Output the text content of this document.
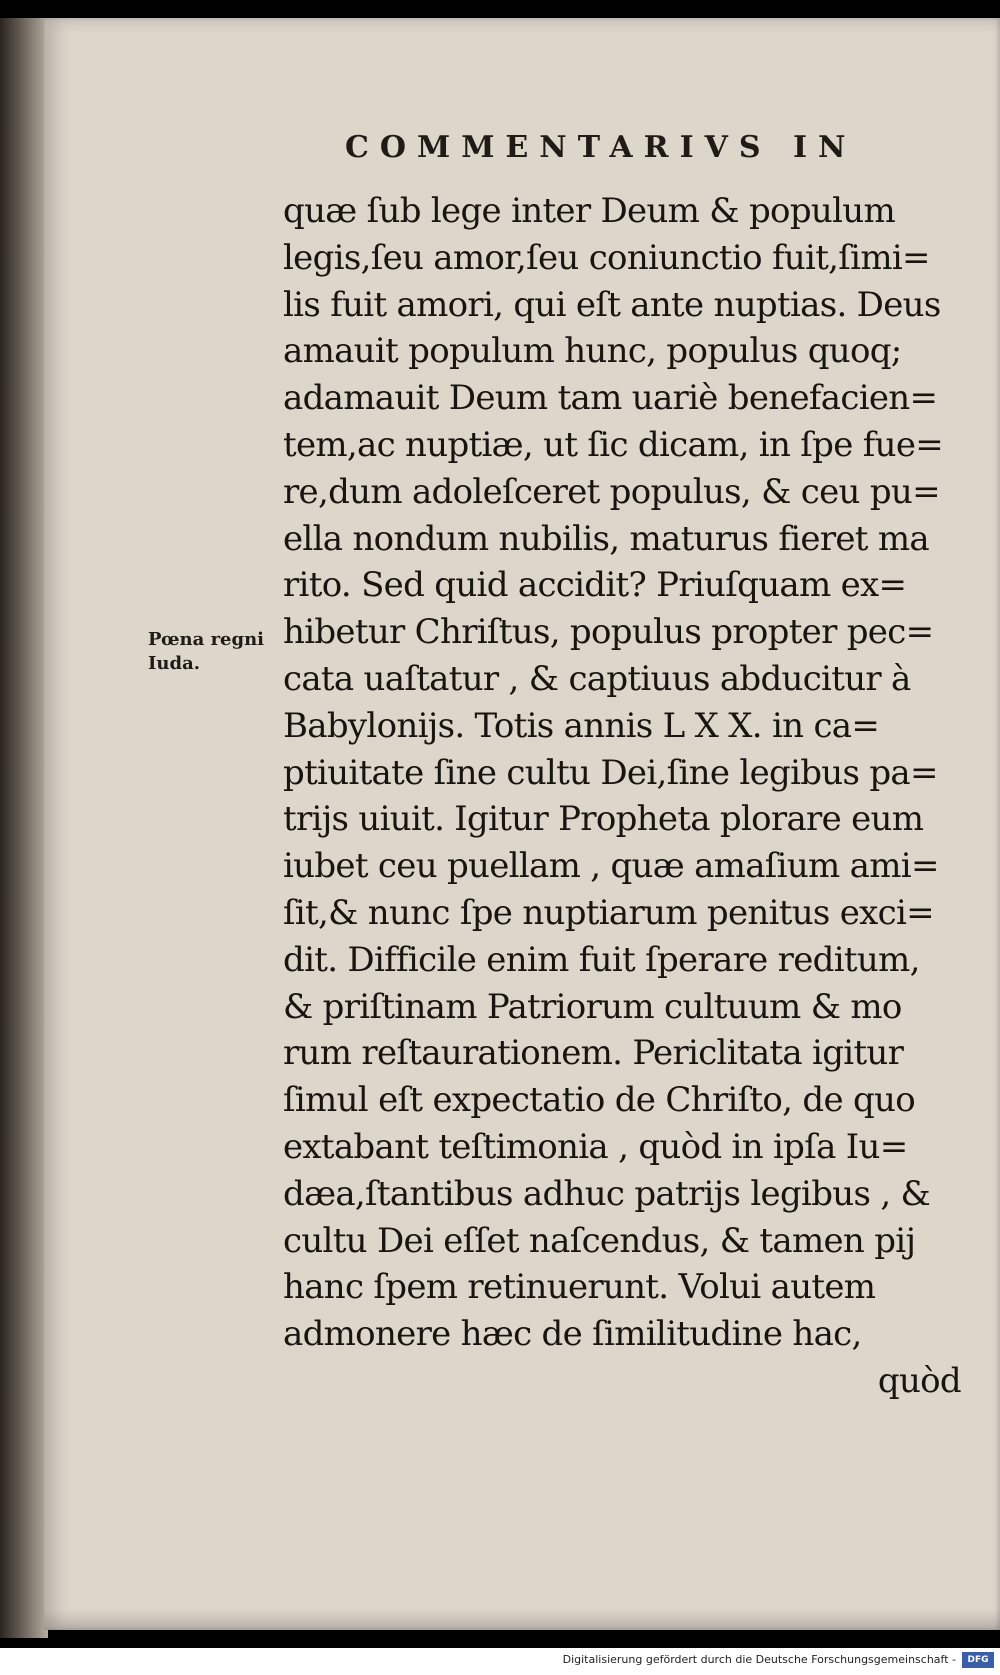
COMMENTARIVS IN
Pœna regni
Iuda.
quæ ſub lege inter Deum & populum
legis,ſeu amor,ſeu coniunctio fuit,ſimi=
lis fuit amori, qui eſt ante nuptias. Deus
amauit populum hunc, populus quoq;
adamauit Deum tam uariè benefacien=
tem,ac nuptiæ, ut ſic dicam, in ſpe fue=
re,dum adoleſceret populus, & ceu pu=
ella nondum nubilis, maturus fieret ma
rito. Sed quid accidit? Priuſquam ex=
hibetur Chriſtus, populus propter pec=
cata uaſtatur , & captiuus abducitur à
Babylonijs. Totis annis L X X. in ca=
ptiuitate ſine cultu Dei,ſine legibus pa=
trijs uiuit. Igitur Propheta plorare eum
iubet ceu puellam , quæ amaſium ami=
ſit,& nunc ſpe nuptiarum penitus exci=
dit. Difficile enim fuit ſperare reditum,
& priſtinam Patriorum cultuum & mo
rum reſtaurationem. Periclitata igitur
ſimul eſt expectatio de Chriſto, de quo
extabant teſtimonia , quòd in ipſa Iu=
dæa,ſtantibus adhuc patrijs legibus , &
cultu Dei eſſet naſcendus, & tamen pij
hanc ſpem retinuerunt. Volui autem
admonere hæc de ſimilitudine hac,
quòd
Digitalisierung gefördert durch die Deutsche Forschungsgemeinschaft -	DFG
